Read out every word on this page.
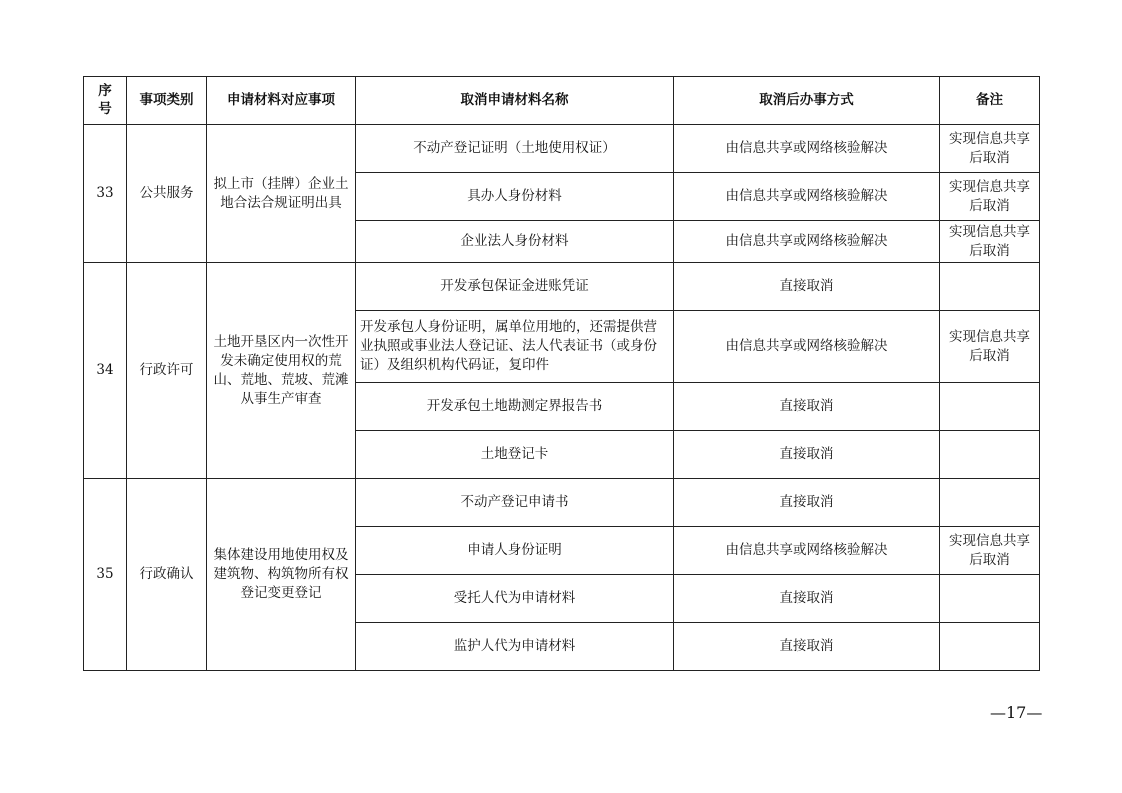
序号	事项类别	申请材料对应事项	取消申请材料名称	取消后办事方式	备注
33	公共服务	拟上市（挂牌）企业土地合法合规证明出具	不动产登记证明（土地使用权证）	由信息共享或网络核验解决	实现信息共享后取消
			具办人身份材料	由信息共享或网络核验解决	实现信息共享后取消
			企业法人身份材料	由信息共享或网络核验解决	实现信息共享后取消
34	行政许可	土地开垦区内一次性开发未确定使用权的荒山、荒地、荒坡、荒滩从事生产审查	开发承包保证金进账凭证	直接取消	
			开发承包人身份证明，属单位用地的，还需提供营业执照或事业法人登记证、法人代表证书（或身份证）及组织机构代码证，复印件	由信息共享或网络核验解决	实现信息共享后取消
			开发承包土地勘测定界报告书	直接取消	
			土地登记卡	直接取消	
35	行政确认	集体建设用地使用权及建筑物、构筑物所有权登记变更登记	不动产登记申请书	直接取消	
			申请人身份证明	由信息共享或网络核验解决	实现信息共享后取消
			受托人代为申请材料	直接取消	
			监护人代为申请材料	直接取消	
—17—
